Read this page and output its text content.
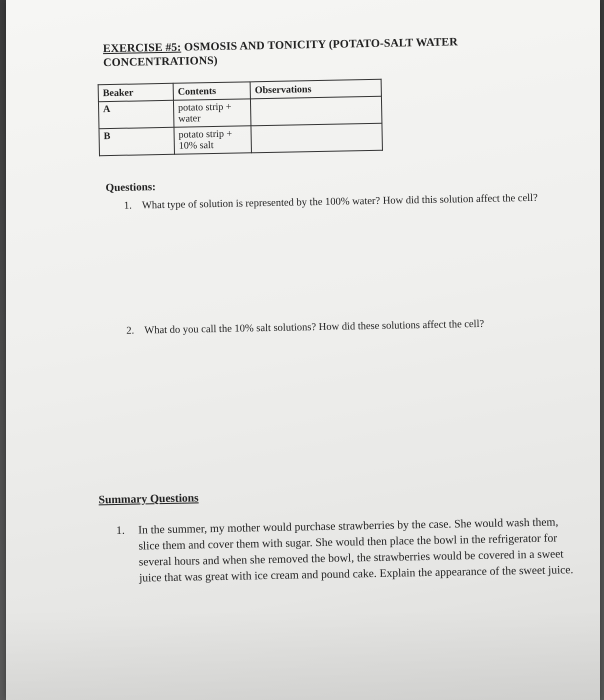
EXERCISE #5: OSMOSIS AND TONICITY (POTATO-SALT WATER CONCENTRATIONS)
Beaker	Contents	Observations
A	potato strip + water	
B	potato strip + 10% salt	
Questions:
1. What type of solution is represented by the 100% water? How did this solution affect the cell?
2. What do you call the 10% salt solutions? How did these solutions affect the cell?
Summary Questions
1. In the summer, my mother would purchase strawberries by the case. She would wash them, slice them and cover them with sugar. She would then place the bowl in the refrigerator for several hours and when she removed the bowl, the strawberries would be covered in a sweet juice that was great with ice cream and pound cake. Explain the appearance of the sweet juice.
